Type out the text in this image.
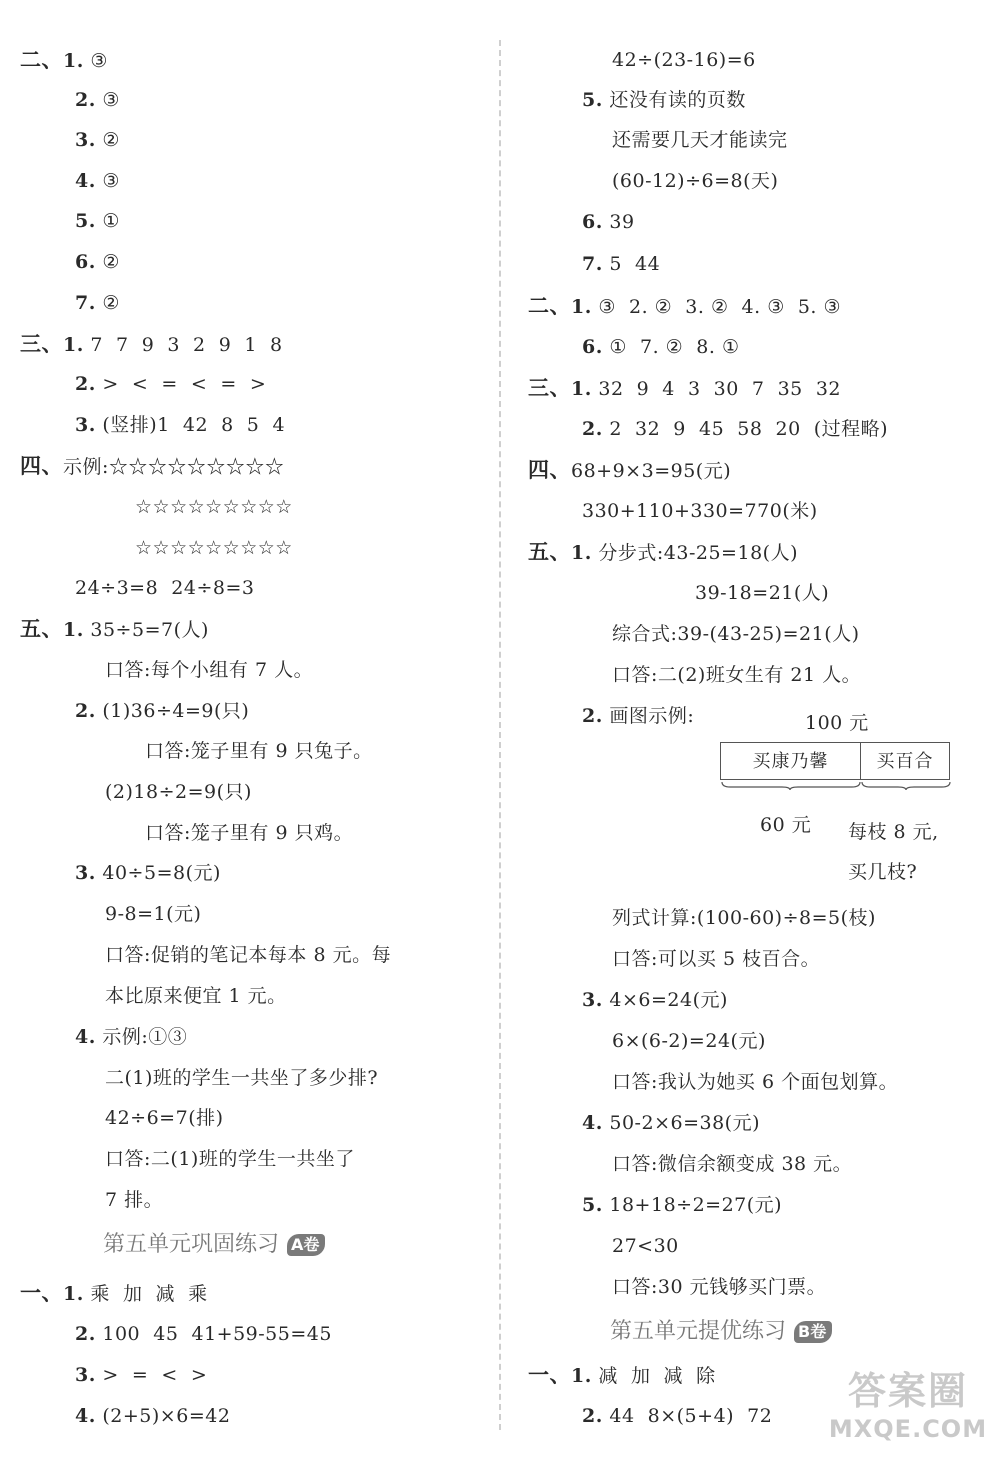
二、1. ③
2. ③
3. ②
4. ③
5. ①
6. ②
7. ②
三、1. 7  7  9  3  2  9  1  8
2. >  <  =  <  =  >
3. (竖排)1  42  8  5  4
四、示例:☆☆☆☆☆☆☆☆☆
☆☆☆☆☆☆☆☆☆
☆☆☆☆☆☆☆☆☆
24÷3=8  24÷8=3
五、1. 35÷5=7(人)
口答:每个小组有 7 人。
2. (1)36÷4=9(只)
口答:笼子里有 9 只兔子。
(2)18÷2=9(只)
口答:笼子里有 9 只鸡。
3. 40÷5=8(元)
9-8=1(元)
口答:促销的笔记本每本 8 元。每
本比原来便宜 1 元。
4. 示例:①③
二(1)班的学生一共坐了多少排?
42÷6=7(排)
口答:二(1)班的学生一共坐了
7 排。
一、1. 乘  加  减  乘
2. 100  45  41+59-55=45
3. >  =  <  >
4. (2+5)×6=42
42÷(23-16)=6
5. 还没有读的页数
还需要几天才能读完
(60-12)÷6=8(天)
6. 39
7. 5  44
二、1. ③  2. ②  3. ②  4. ③  5. ③
6. ①  7. ②  8. ①
三、1. 32  9  4  3  30  7  35  32
2. 2  32  9  45  58  20  (过程略)
四、68+9×3=95(元)
330+110+330=770(米)
五、1. 分步式:43-25=18(人)
39-18=21(人)
综合式:39-(43-25)=21(人)
口答:二(2)班女生有 21 人。
2. 画图示例:
列式计算:(100-60)÷8=5(枝)
口答:可以买 5 枝百合。
3. 4×6=24(元)
6×(6-2)=24(元)
口答:我认为她买 6 个面包划算。
4. 50-2×6=38(元)
口答:微信余额变成 38 元。
5. 18+18÷2=27(元)
27<30
口答:30 元钱够买门票。
一、1. 减  加  减  除
2. 44  8×(5+4)  72
第五单元巩固练习 A卷
第五单元提优练习 B卷
100 元
买康乃馨	买百合
60 元 每枝 8 元,
买几枝?
答案圈
MXQE.COM
